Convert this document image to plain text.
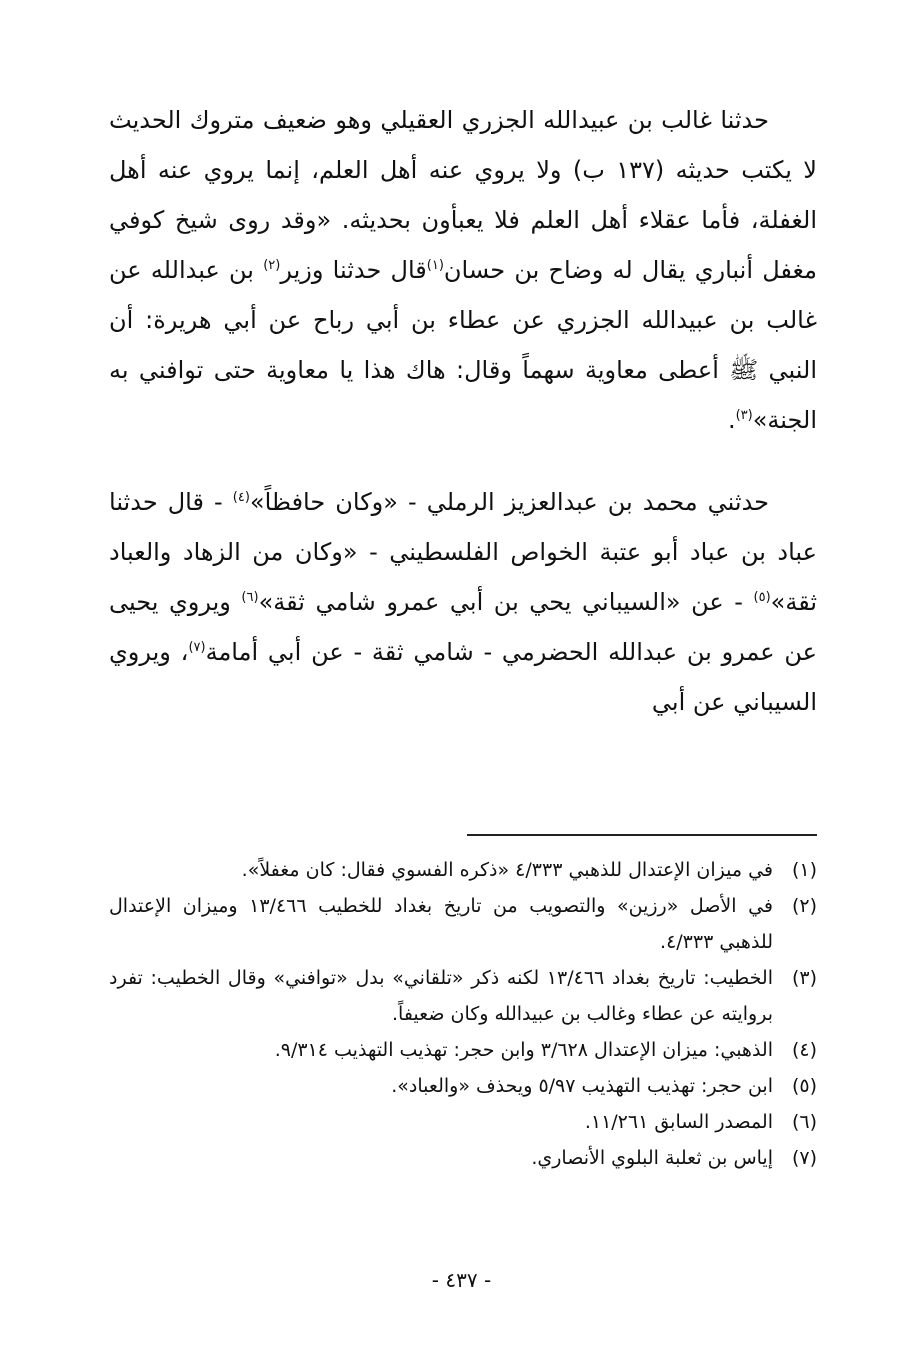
حدثنا غالب بن عبيدالله الجزري العقيلي وهو ضعيف متروك الحديث لا يكتب حديثه (١٣٧ ب) ولا يروي عنه أهل العلم، إنما يروي عنه أهل الغفلة، فأما عقلاء أهل العلم فلا يعبأون بحديثه. «وقد روى شيخ كوفي مغفل أنباري يقال له وضاح بن حسان$^{(١)}$قال حدثنا وزير$^{(٢)}$ بن عبدالله عن غالب بن عبيدالله الجزري عن عطاء بن أبي رباح عن أبي هريرة: أن النبي ﷺ أعطى معاوية سهماً وقال: هاك هذا يا معاوية حتى توافني به الجنة»$^{(٣)}$.

حدثني محمد بن عبدالعزيز الرملي - «وكان حافظاً»$^{(٤)}$ - قال حدثنا عباد بن عباد أبو عتبة الخواص الفلسطيني - «وكان من الزهاد والعباد ثقة»$^{(٥)}$ - عن «السيباني يحي بن أبي عمرو شامي ثقة»$^{(٦)}$ ويروي يحيى عن عمرو بن عبدالله الحضرمي - شامي ثقة - عن أبي أمامة$^{(٧)}$، ويروي السيباني عن أبي

(١)
في ميزان الإعتدال للذهبي ٤/٣٣٣ «ذكره الفسوي فقال: كان مغفلاً».
(٢)
في الأصل «رزين» والتصويب من تاريخ بغداد للخطيب ١٣/٤٦٦ وميزان الإعتدال للذهبي ٤/٣٣٣.
(٣)
الخطيب: تاريخ بغداد ١٣/٤٦٦ لكنه ذكر «تلقاني» بدل «توافني» وقال الخطيب: تفرد بروايته عن عطاء وغالب بن عبيدالله وكان ضعيفاً.
(٤)
الذهبي: ميزان الإعتدال ٣/٦٢٨ وابن حجر: تهذيب التهذيب ٩/٣١٤.
(٥)
ابن حجر: تهذيب التهذيب ٥/٩٧ ويحذف «والعباد».
(٦)
المصدر السابق ١١/٢٦١.
(٧)
إياس بن ثعلبة البلوي الأنصاري.
- ٤٣٧ -
